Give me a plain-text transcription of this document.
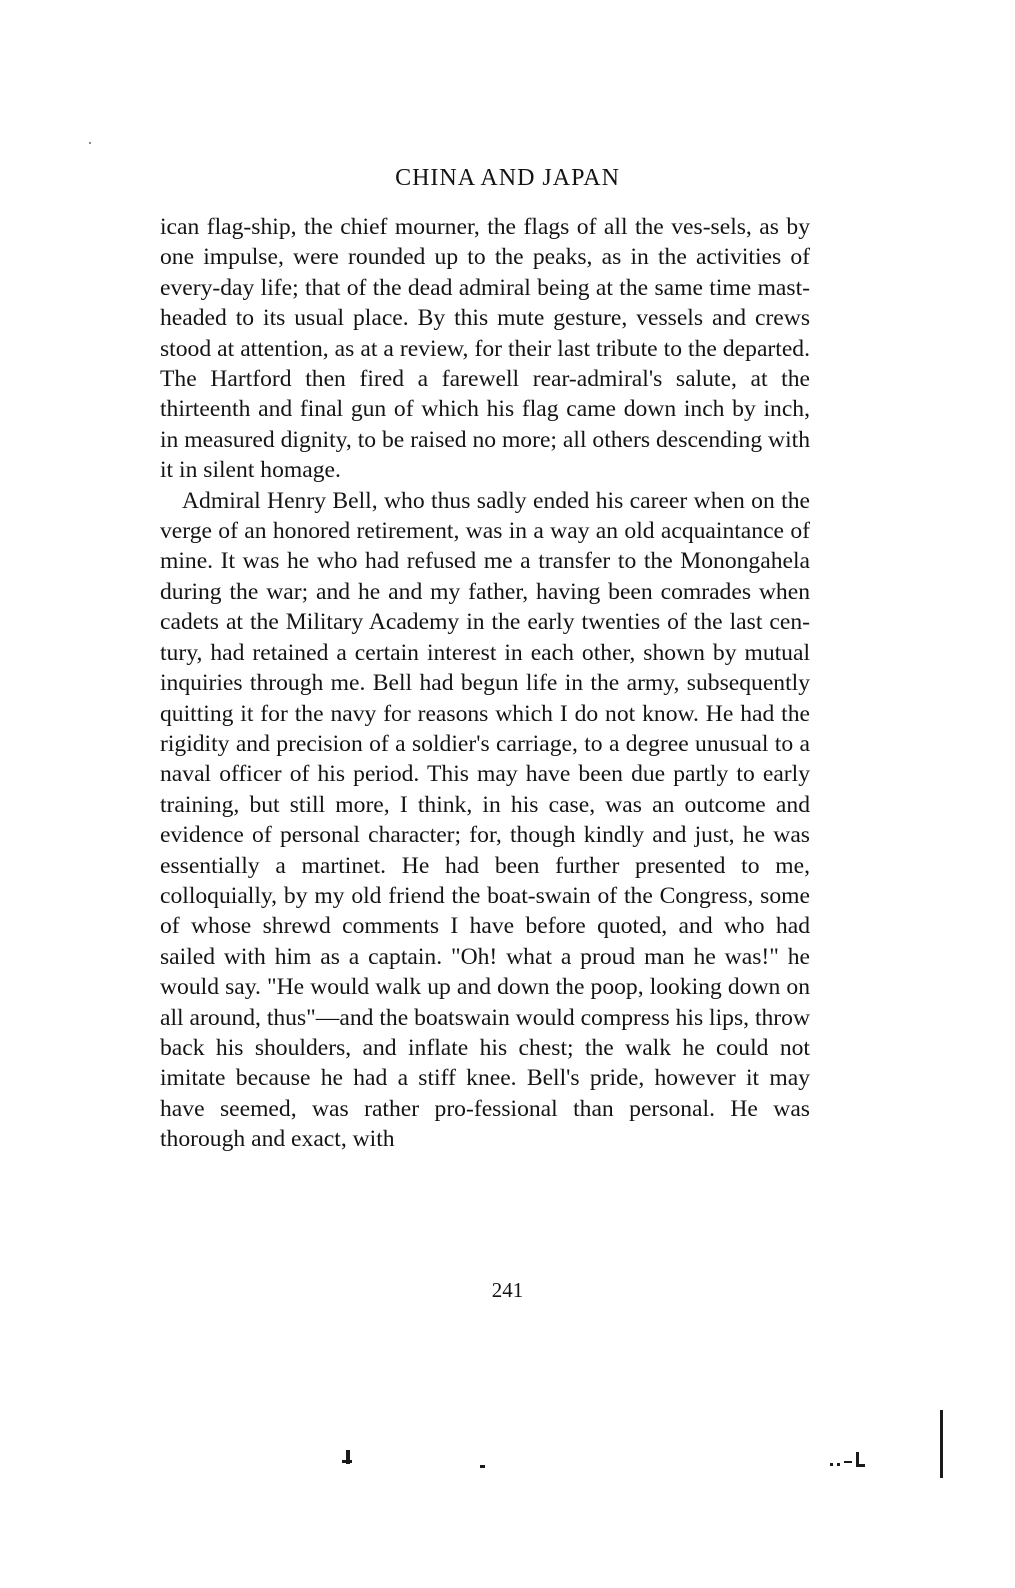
CHINA AND JAPAN

ican flag-ship, the chief mourner, the flags of all the ves-sels, as by one impulse, were rounded up to the peaks, as in the activities of every-day life; that of the dead admiral being at the same time mast-headed to its usual place. By this mute gesture, vessels and crews stood at attention, as at a review, for their last tribute to the departed. The Hartford then fired a farewell rear-admiral's salute, at the thirteenth and final gun of which his flag came down inch by inch, in measured dignity, to be raised no more; all others descending with it in silent homage.

Admiral Henry Bell, who thus sadly ended his career when on the verge of an honored retirement, was in a way an old acquaintance of mine. It was he who had refused me a transfer to the Monongahela during the war; and he and my father, having been comrades when cadets at the Military Academy in the early twenties of the last cen-tury, had retained a certain interest in each other, shown by mutual inquiries through me. Bell had begun life in the army, subsequently quitting it for the navy for reasons which I do not know. He had the rigidity and precision of a soldier's carriage, to a degree unusual to a naval officer of his period. This may have been due partly to early training, but still more, I think, in his case, was an outcome and evidence of personal character; for, though kindly and just, he was essentially a martinet. He had been further presented to me, colloquially, by my old friend the boat-swain of the Congress, some of whose shrewd comments I have before quoted, and who had sailed with him as a captain. "Oh! what a proud man he was!" he would say. "He would walk up and down the poop, looking down on all around, thus"—and the boatswain would compress his lips, throw back his shoulders, and inflate his chest; the walk he could not imitate because he had a stiff knee. Bell's pride, however it may have seemed, was rather pro-fessional than personal. He was thorough and exact, with

241
